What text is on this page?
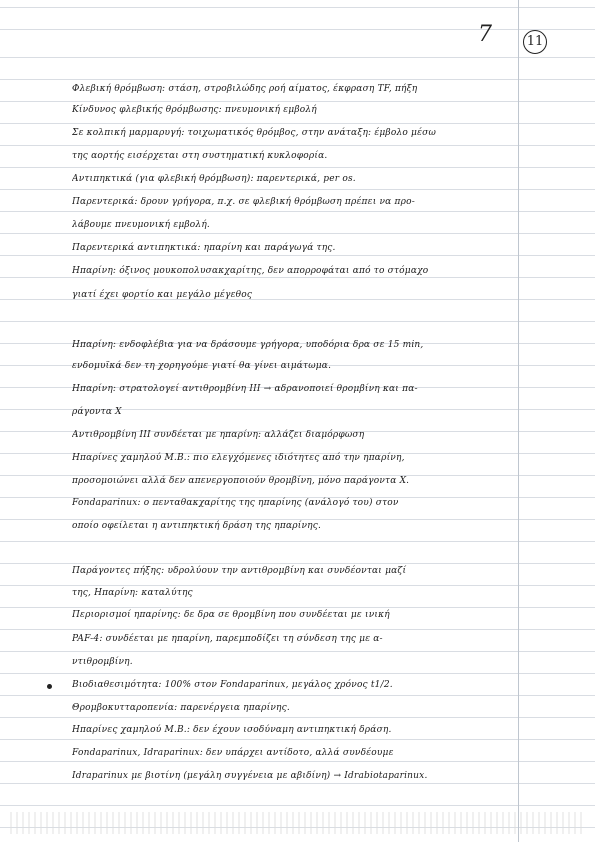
7	11
Φλεβική θρόμβωση: στάση, στροβιλώδης ροή αίματος, έκφραση TF, πήξη
Κίνδυνος φλεβικής θρόμβωσης: πνευμονική εμβολή
Σε κολπική μαρμαρυγή: τοιχωματικός θρόμβος, στην ανάταξη: έμβολο μέσω
της αορτής εισέρχεται στη συστηματική κυκλοφορία.
Αντιπηκτικά (για φλεβική θρόμβωση): παρεντερικά, per os.
Παρεντερικά: δρουν γρήγορα, π.χ. σε φλεβική θρόμβωση πρέπει να προ-
λάβουμε πνευμονική εμβολή.
Παρεντερικά αντιπηκτικά: ηπαρίνη και παράγωγά της.
Ηπαρίνη: όξινος μουκοπολυσακχαρίτης, δεν απορροφάται από το στόμαχο
γιατί έχει φορτίο και μεγάλο μέγεθος
Ηπαρίνη: ενδοφλέβια για να δράσουμε γρήγορα, υποδόρια δρα σε 15 min,
ενδομυϊκά δεν τη χορηγούμε γιατί θα γίνει αιμάτωμα.
Ηπαρίνη: στρατολογεί αντιθρομβίνη III → αδρανοποιεί θρομβίνη και πα-
ράγοντα X
Αντιθρομβίνη III συνδέεται με ηπαρίνη: αλλάζει διαμόρφωση
Ηπαρίνες χαμηλού Μ.Β.: πιο ελεγχόμενες ιδιότητες από την ηπαρίνη,
προσομοιώνει αλλά δεν απενεργοποιούν θρομβίνη, μόνο παράγοντα X.
Fondaparinux: ο πενταθακχαρίτης της ηπαρίνης (ανάλογό του) στον
οποίο οφείλεται η αντιπηκτική δράση της ηπαρίνης.
Παράγοντες πήξης: υδρολύουν την αντιθρομβίνη και συνδέονται μαζί
της, Ηπαρίνη: καταλύτης
Περιορισμοί ηπαρίνης: δε δρα σε θρομβίνη που συνδέεται με ινική
PAF-4: συνδέεται με ηπαρίνη, παρεμποδίζει τη σύνδεση της με α-
ντιθρομβίνη.
Βιοδιαθεσιμότητα: 100% στον Fondaparinux, μεγάλος χρόνος t1/2.
Θρομβοκυτταροπενία: παρενέργεια ηπαρίνης.
Ηπαρίνες χαμηλού Μ.Β.: δεν έχουν ισοδύναμη αντιπηκτική δράση.
Fondaparinux, Idraparinux: δεν υπάρχει αντίδοτο, αλλά συνδέουμε
Idraparinux με βιοτίνη (μεγάλη συγγένεια με αβιδίνη) → Idrabiotaparinux.
